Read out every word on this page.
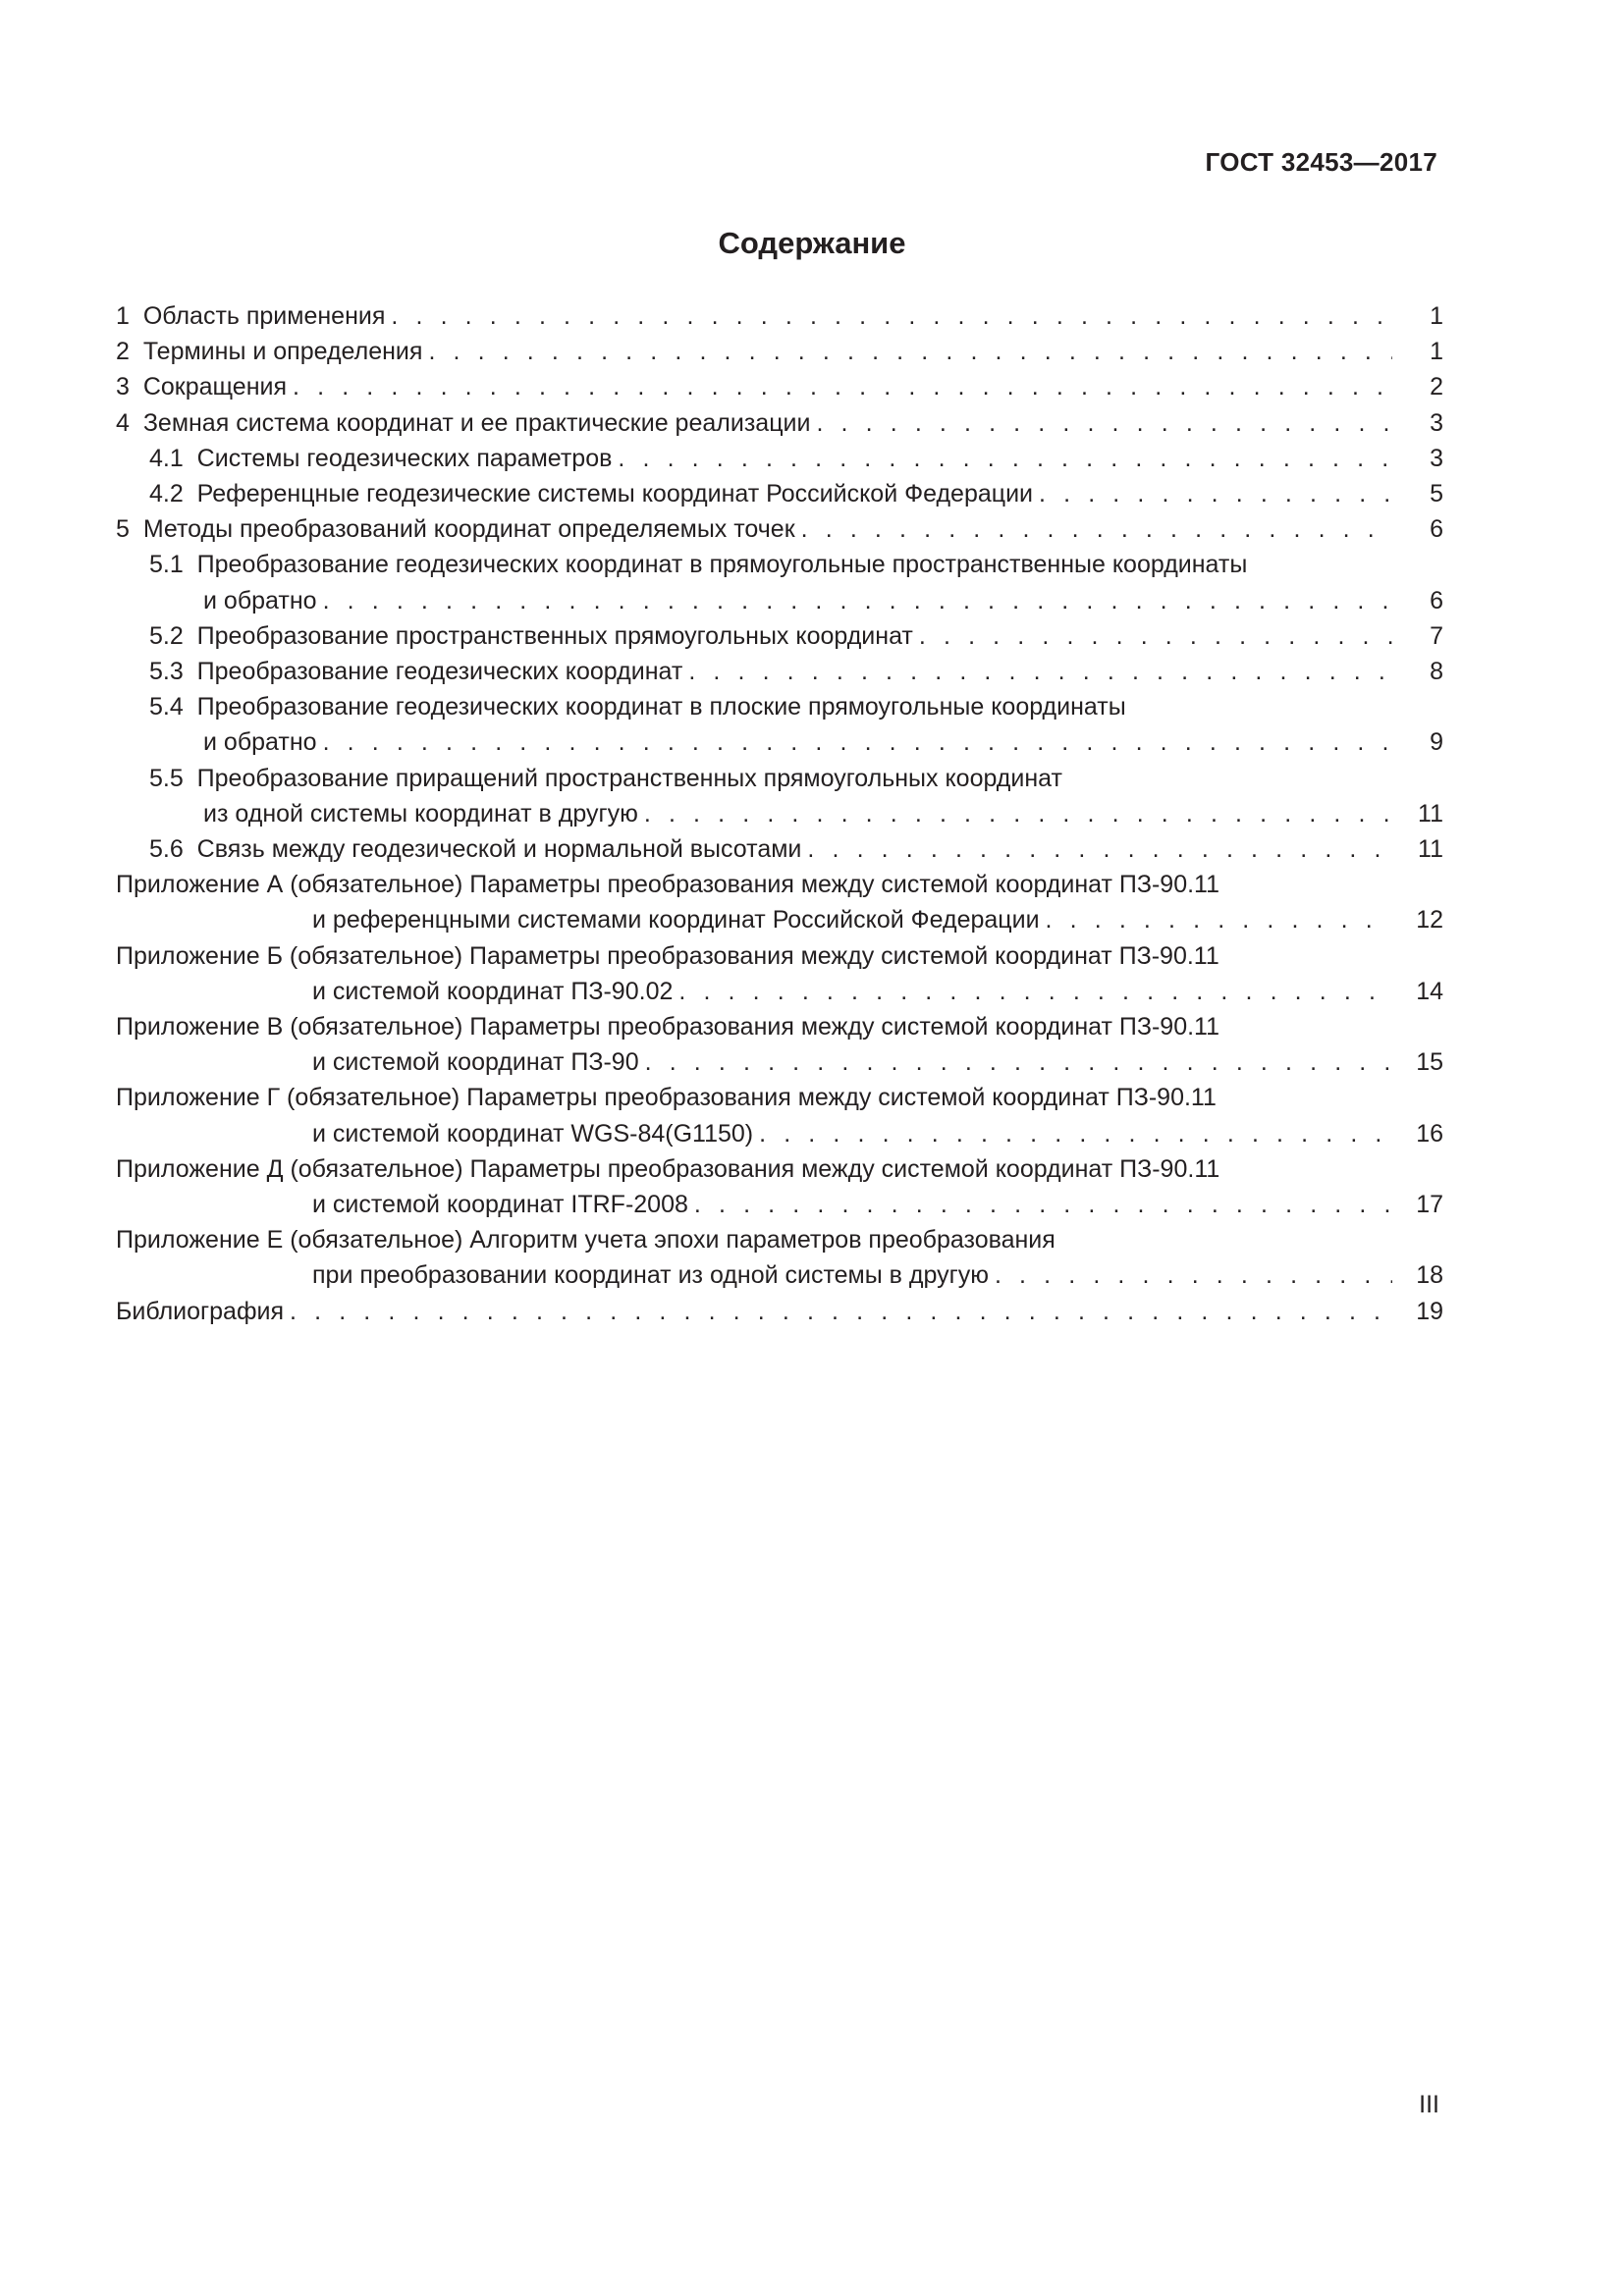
ГОСТ 32453—2017
Содержание
1 Область применения . . .	1
2 Термины и определения . . .	1
3 Сокращения . . .	2
4 Земная система координат и ее практические реализации . . .	3
4.1 Системы геодезических параметров . . .	3
4.2 Референцные геодезические системы координат Российской Федерации . . .	5
5 Методы преобразований координат определяемых точек . . .	6
5.1 Преобразование геодезических координат в прямоугольные пространственные координаты
и обратно . . .	6
5.2 Преобразование пространственных прямоугольных координат . . .	7
5.3 Преобразование геодезических координат . . .	8
5.4 Преобразование геодезических координат в плоские прямоугольные координаты
и обратно . . .	9
5.5 Преобразование приращений пространственных прямоугольных координат
из одной системы координат в другую . . .	11
5.6 Связь между геодезической и нормальной высотами . . .	11
Приложение А (обязательное) Параметры преобразования между системой координат ПЗ-90.11
и референцными системами координат Российской Федерации . . .	12
Приложение Б (обязательное) Параметры преобразования между системой координат ПЗ-90.11
и системой координат ПЗ-90.02 . . .	14
Приложение В (обязательное) Параметры преобразования между системой координат ПЗ-90.11
и системой координат ПЗ-90 . . .	15
Приложение Г (обязательное) Параметры преобразования между системой координат ПЗ-90.11
и системой координат WGS-84(G1150) . . .	16
Приложение Д (обязательное) Параметры преобразования между системой координат ПЗ-90.11
и системой координат ITRF-2008 . . .	17
Приложение Е (обязательное) Алгоритм учета эпохи параметров преобразования
при преобразовании координат из одной системы в другую . . .	18
Библиография . . .	19
III
